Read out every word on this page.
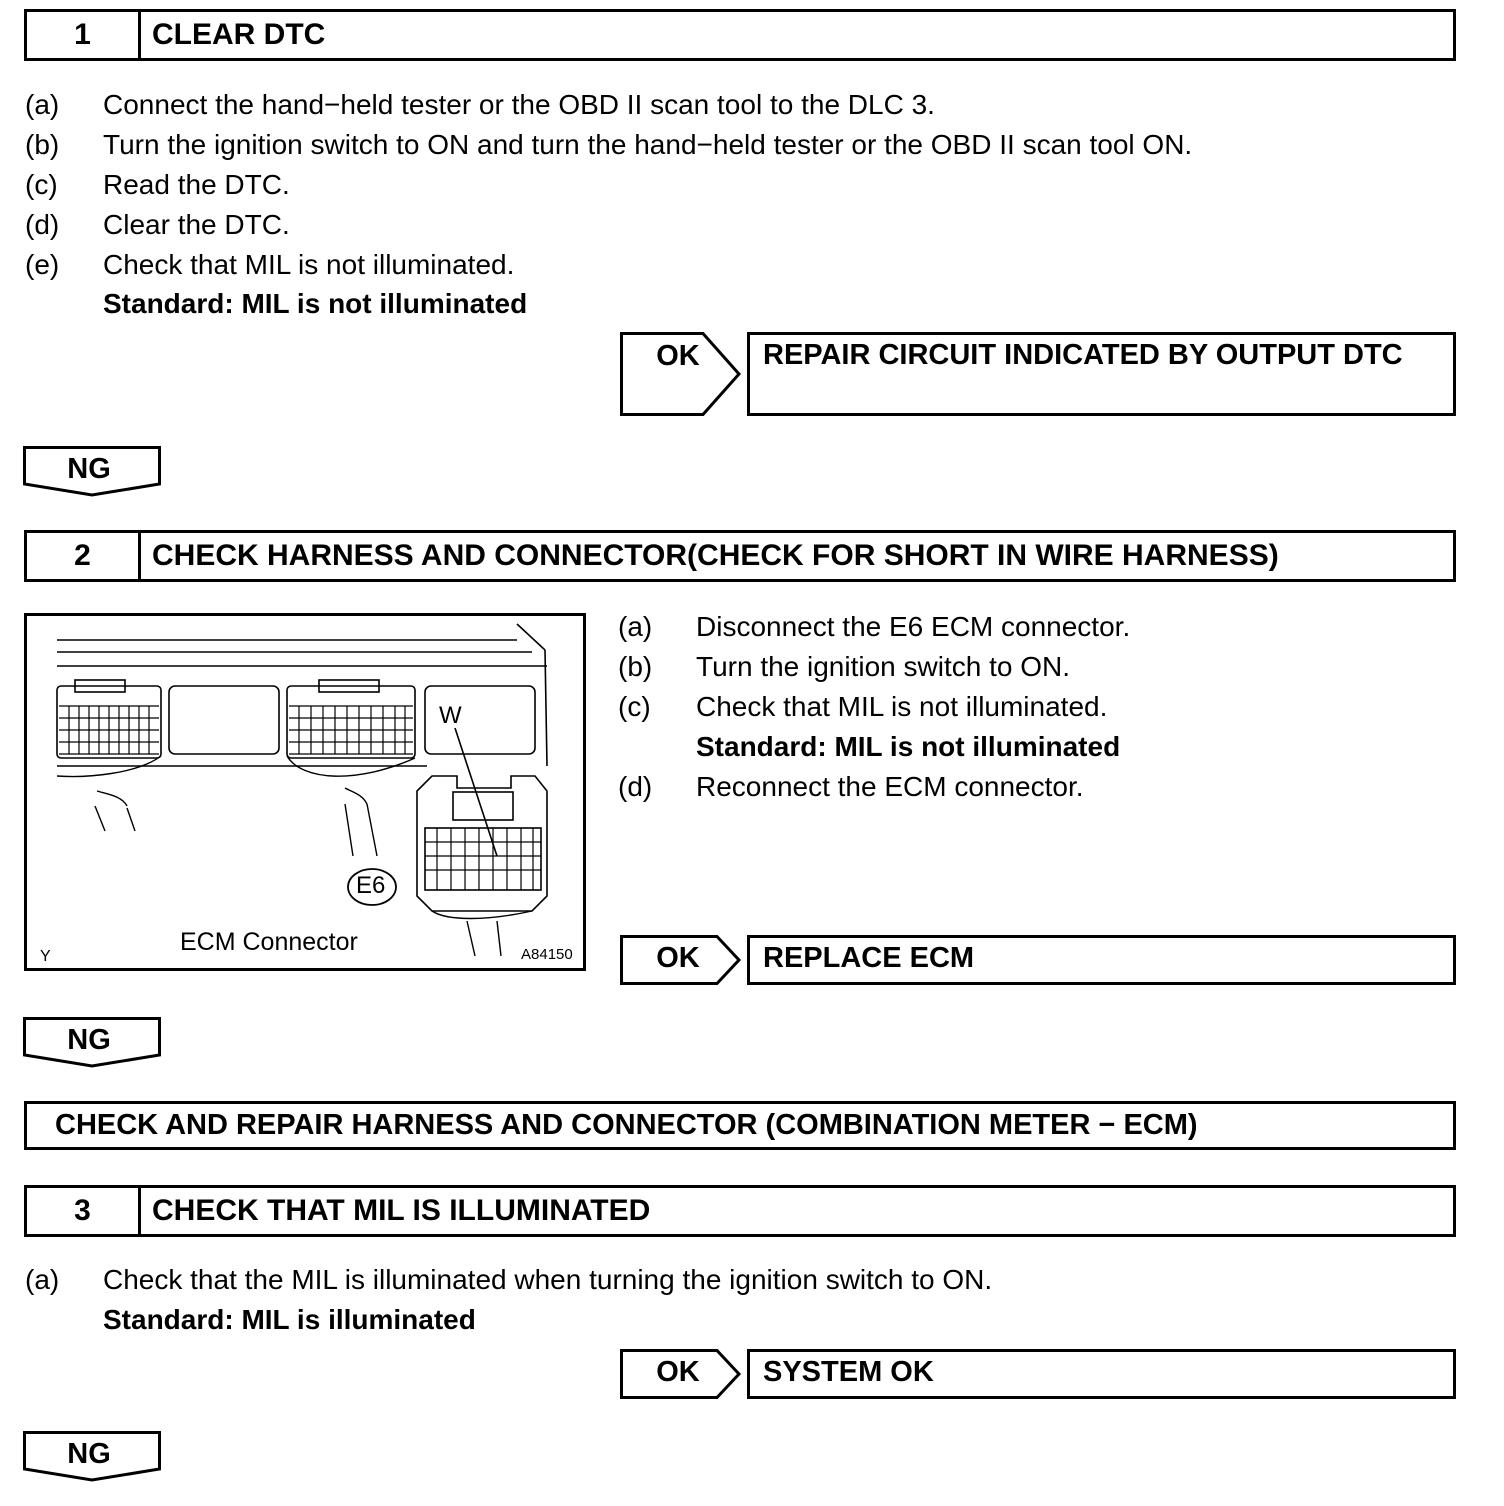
1	CLEAR DTC
(a) Connect the hand−held tester or the OBD II scan tool to the DLC 3.
(b) Turn the ignition switch to ON and turn the hand−held tester or the OBD II scan tool ON.
(c) Read the DTC.
(d) Clear the DTC.
(e) Check that MIL is not illuminated.
Standard: MIL is not illuminated
OK REPAIR CIRCUIT INDICATED BY OUTPUT DTC
NG
2	CHECK HARNESS AND CONNECTOR(CHECK FOR SHORT IN WIRE HARNESS)
W
E6
ECM Connector
Y	A84150
(a) Disconnect the E6 ECM connector.
(b) Turn the ignition switch to ON.
(c) Check that MIL is not illuminated.
Standard: MIL is not illuminated
(d) Reconnect the ECM connector.
OK REPLACE ECM
NG
CHECK AND REPAIR HARNESS AND CONNECTOR (COMBINATION METER − ECM)
3	CHECK THAT MIL IS ILLUMINATED
(a) Check that the MIL is illuminated when turning the ignition switch to ON.
Standard: MIL is illuminated
OK SYSTEM OK
NG
